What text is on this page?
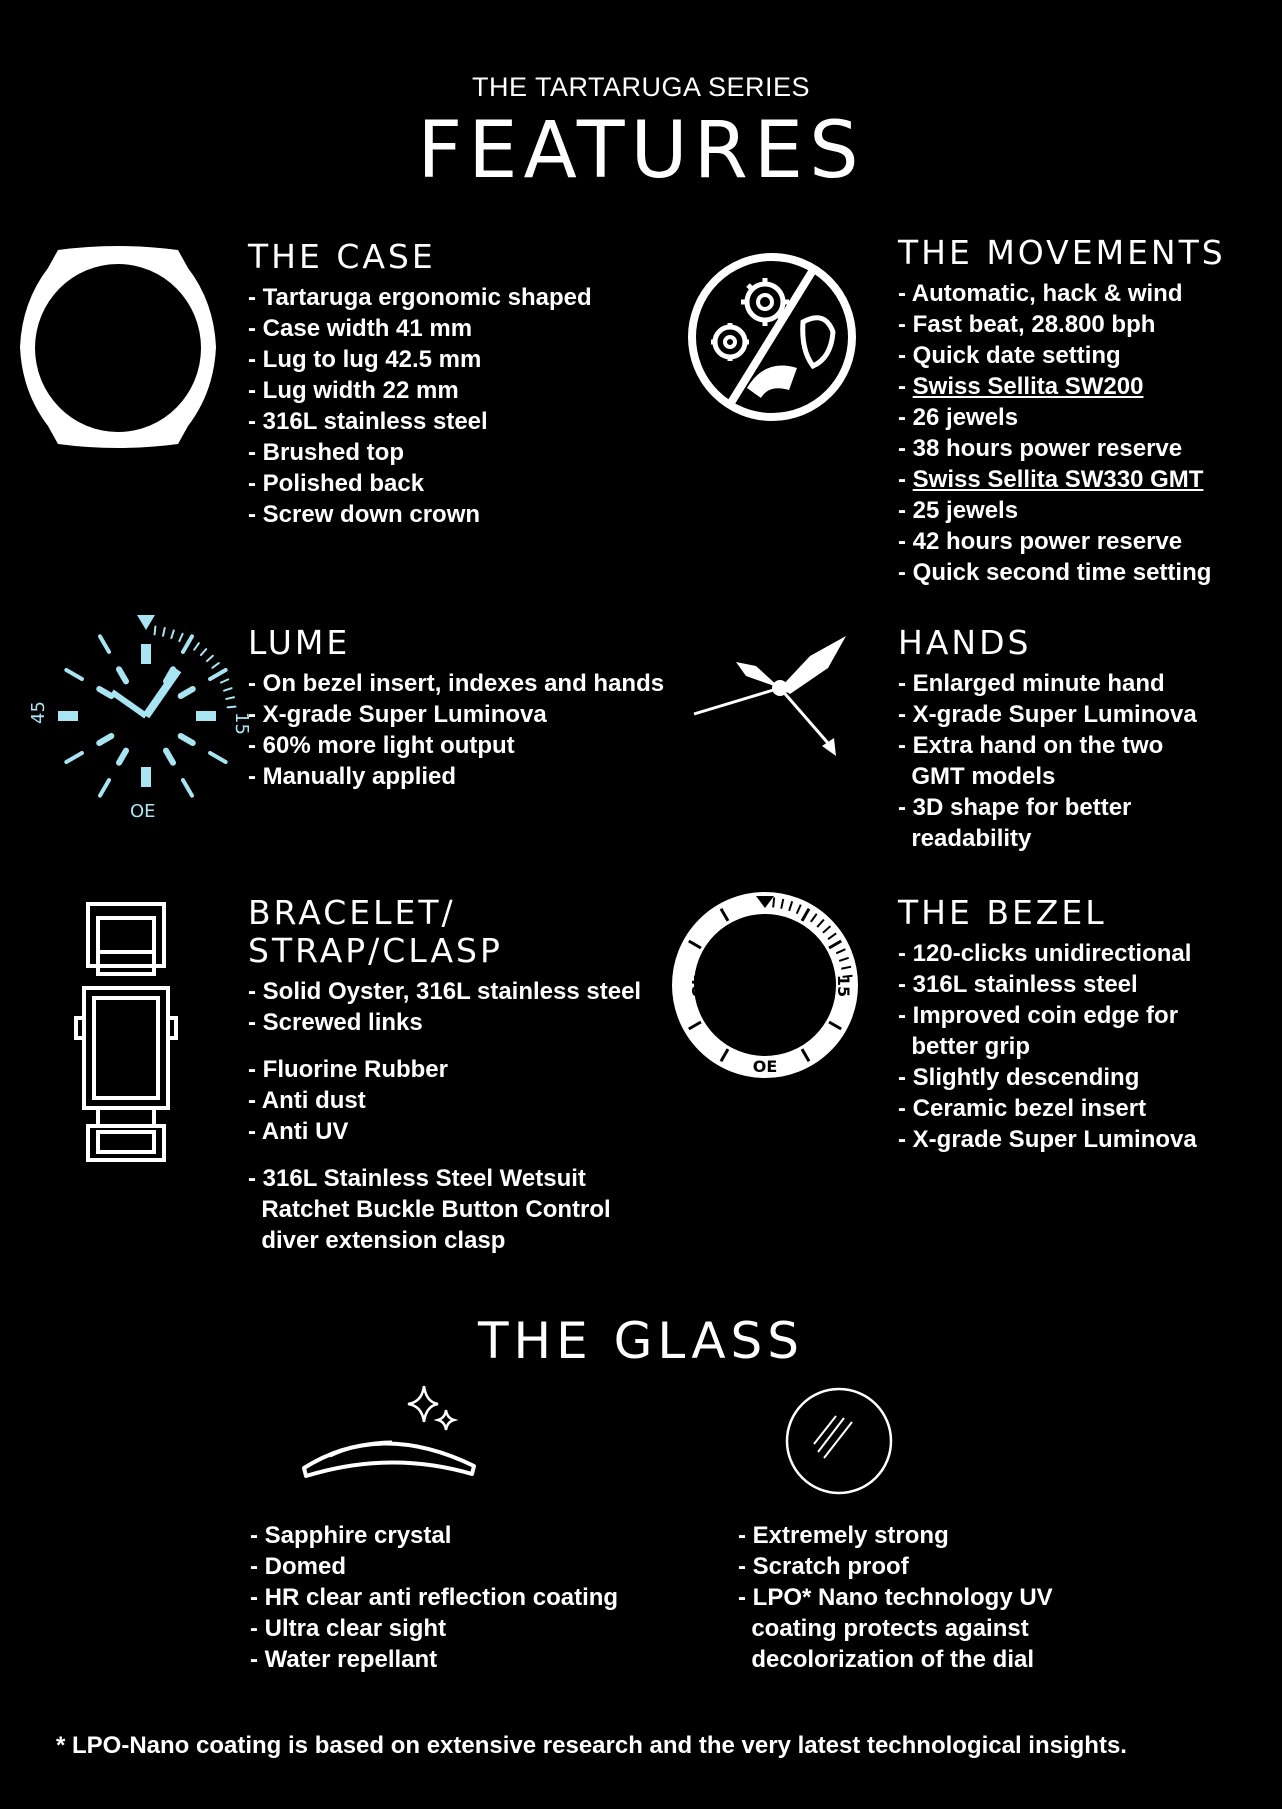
THE TARTARUGA SERIES
FEATURES
THE CASE
- Tartaruga ergonomic shaped
- Case width 41 mm
- Lug to lug 42.5 mm
- Lug width 22 mm
- 316L stainless steel
- Brushed top
- Polished back
- Screw down crown
THE MOVEMENTS
- Automatic, hack & wind
- Fast beat, 28.800 bph
- Quick date setting
- Swiss Sellita SW200
- 26 jewels
- 38 hours power reserve
- Swiss Sellita SW330 GMT
- 25 jewels
- 42 hours power reserve
- Quick second time setting
45	15
OE
LUME
- On bezel insert, indexes and hands
- X-grade Super Luminova
- 60% more light output
- Manually applied
HANDS
- Enlarged minute hand
- X-grade Super Luminova
- Extra hand on the two
GMT models
- 3D shape for better
readability
BRACELET/
STRAP/CLASP
- Solid Oyster, 316L stainless steel
- Screwed links
- Fluorine Rubber
- Anti dust
- Anti UV
- 316L Stainless Steel Wetsuit
Ratchet Buckle Button Control
diver extension clasp
45	15
OE
THE BEZEL
- 120-clicks unidirectional
- 316L stainless steel
- Improved coin edge for
better grip
- Slightly descending
- Ceramic bezel insert
- X-grade Super Luminova
THE GLASS
- Sapphire crystal
- Domed
- HR clear anti reflection coating
- Ultra clear sight
- Water repellant
- Extremely strong
- Scratch proof
- LPO* Nano technology UV
coating protects against
decolorization of the dial
* LPO-Nano coating is based on extensive research and the very latest technological insights.
